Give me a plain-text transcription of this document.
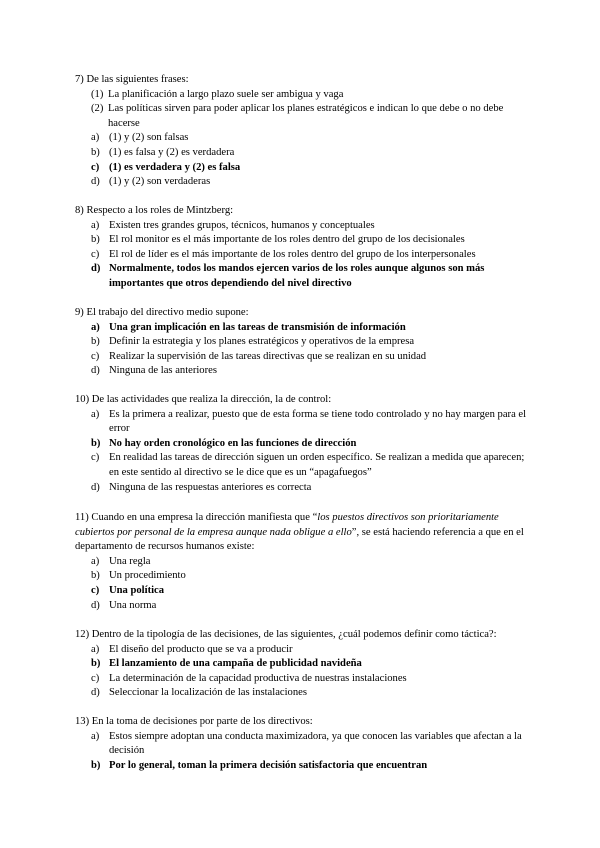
7) De las siguientes frases:
(1) La planificación a largo plazo suele ser ambigua y vaga
(2) Las políticas sirven para poder aplicar los planes estratégicos e indican lo que debe o no debe hacerse
a) (1) y (2) son falsas
b) (1) es falsa y (2) es verdadera
c) (1) es verdadera y (2) es falsa
d) (1) y (2) son verdaderas
8) Respecto a los roles de Mintzberg:
a) Existen tres grandes grupos, técnicos, humanos y conceptuales
b) El rol monitor es el más importante de los roles dentro del grupo de los decisionales
c) El rol de líder es el más importante de los roles dentro del grupo de los interpersonales
d) Normalmente, todos los mandos ejercen varios de los roles aunque algunos son más importantes que otros dependiendo del nivel directivo
9) El trabajo del directivo medio supone:
a) Una gran implicación en las tareas de transmisión de información
b) Definir la estrategia y los planes estratégicos y operativos de la empresa
c) Realizar la supervisión de las tareas directivas que se realizan en su unidad
d) Ninguna de las anteriores
10) De las actividades que realiza la dirección, la de control:
a) Es la primera a realizar, puesto que de esta forma se tiene todo controlado y no hay margen para el error
b) No hay orden cronológico en las funciones de dirección
c) En realidad las tareas de dirección siguen un orden específico. Se realizan a medida que aparecen; en este sentido al directivo se le dice que es un “apagafuegos”
d) Ninguna de las respuestas anteriores es correcta
11) Cuando en una empresa la dirección manifiesta que “los puestos directivos son prioritariamente cubiertos por personal de la empresa aunque nada obligue a ello”, se está haciendo referencia a que en el departamento de recursos humanos existe:
a) Una regla
b) Un procedimiento
c) Una política
d) Una norma
12) Dentro de la tipología de las decisiones, de las siguientes, ¿cuál podemos definir como táctica?:
a) El diseño del producto que se va a producir
b) El lanzamiento de una campaña de publicidad navideña
c) La determinación de la capacidad productiva de nuestras instalaciones
d) Seleccionar la localización de las instalaciones
13) En la toma de decisiones por parte de los directivos:
a) Estos siempre adoptan una conducta maximizadora, ya que conocen las variables que afectan a la decisión
b) Por lo general, toman la primera decisión satisfactoria que encuentran
